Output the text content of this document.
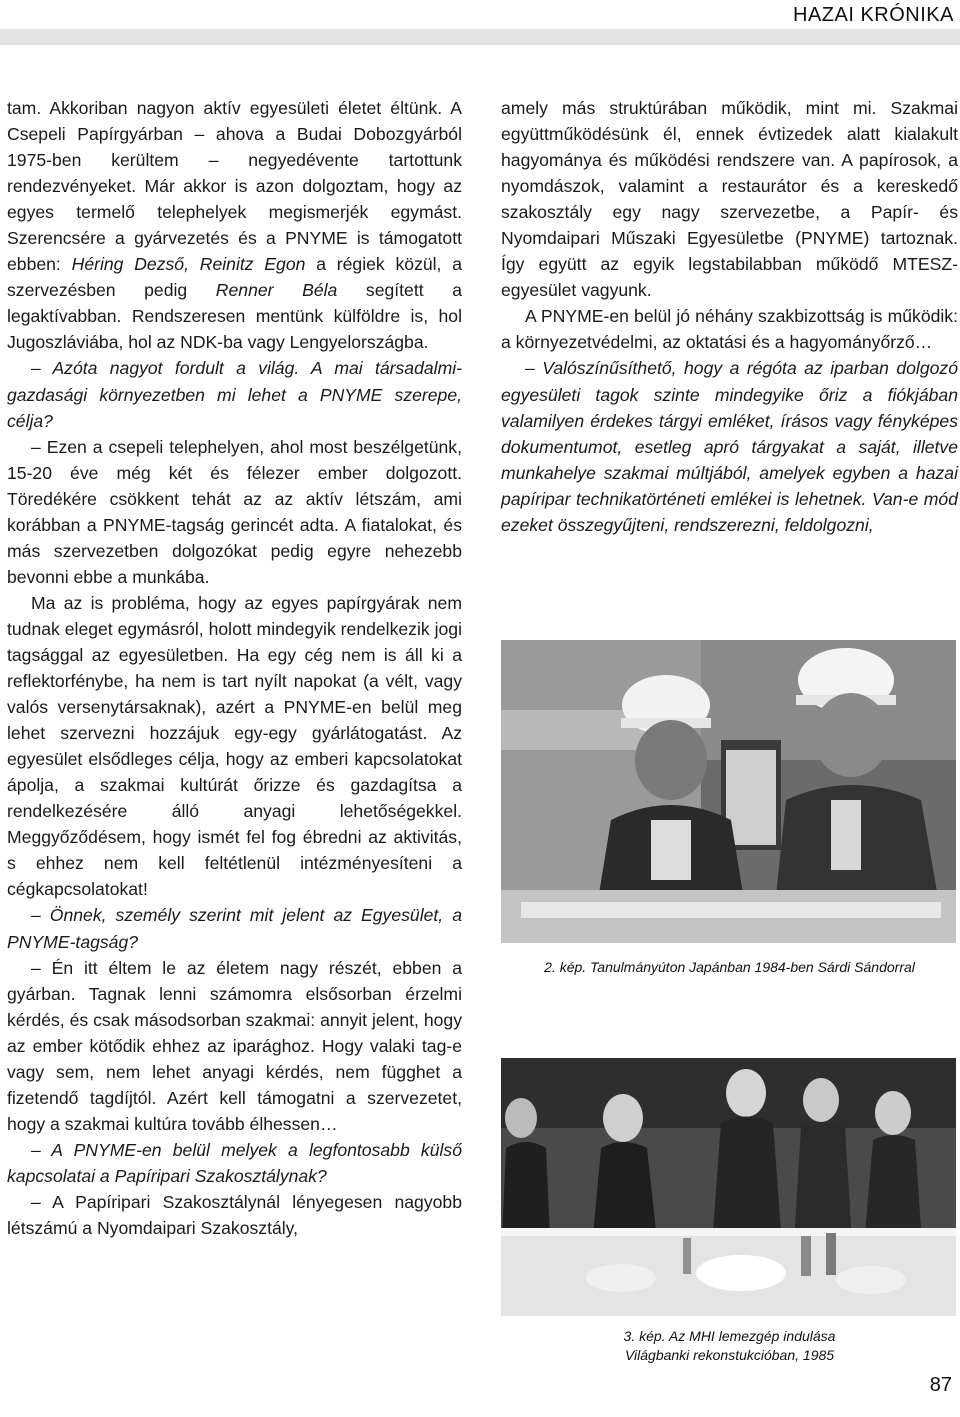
HAZAI KRÓNIKA

tam. Akkoriban nagyon aktív egyesületi életet éltünk. A Csepeli Papírgyárban – ahova a Budai Dobozgyárból 1975-ben kerültem – negyedévente tartottunk rendezvényeket. Már akkor is azon dolgoztam, hogy az egyes termelő telephelyek megismerjék egymást. Szerencsére a gyárvezetés és a PNYME is támogatott ebben: Héring Dezső, Reinitz Egon a régiek közül, a szervezésben pedig Renner Béla segített a legaktívabban. Rendszeresen mentünk külföldre is, hol Jugoszláviába, hol az NDK-ba vagy Lengyelországba.

– Azóta nagyot fordult a világ. A mai társadalmi-gazdasági környezetben mi lehet a PNYME szerepe, célja?

– Ezen a csepeli telephelyen, ahol most beszélgetünk, 15-20 éve még két és félezer ember dolgozott. Töredékére csökkent tehát az az aktív létszám, ami korábban a PNYME-tagság gerincét adta. A fiatalokat, és más szervezetben dolgozókat pedig egyre nehezebb bevonni ebbe a munkába.

Ma az is probléma, hogy az egyes papírgyárak nem tudnak eleget egymásról, holott mindegyik rendelkezik jogi tagsággal az egyesületben. Ha egy cég nem is áll ki a reflektorfénybe, ha nem is tart nyílt napokat (a vélt, vagy valós versenytársaknak), azért a PNYME-en belül meg lehet szervezni hozzájuk egy-egy gyárlátogatást. Az egyesület elsődleges célja, hogy az emberi kapcsolatokat ápolja, a szakmai kultúrát őrizze és gazdagítsa a rendelkezésére álló anyagi lehetőségekkel. Meggyőződésem, hogy ismét fel fog ébredni az aktivitás, s ehhez nem kell feltétlenül intézményesíteni a cégkapcsolatokat!

– Önnek, személy szerint mit jelent az Egyesület, a PNYME-tagság?

– Én itt éltem le az életem nagy részét, ebben a gyárban. Tagnak lenni számomra elsősorban érzelmi kérdés, és csak másodsorban szakmai: annyit jelent, hogy az ember kötődik ehhez az iparághoz. Hogy valaki tag-e vagy sem, nem lehet anyagi kérdés, nem függhet a fizetendő tagdíjtól. Azért kell támogatni a szervezetet, hogy a szakmai kultúra tovább élhessen…

– A PNYME-en belül melyek a legfontosabb külső kapcsolatai a Papíripari Szakosztálynak?

– A Papíripari Szakosztálynál lényegesen nagyobb létszámú a Nyomdaipari Szakosztály,

amely más struktúrában működik, mint mi. Szakmai együttműködésünk él, ennek évtizedek alatt kialakult hagyománya és működési rendszere van. A papírosok, a nyomdászok, valamint a restaurátor és a kereskedő szakosztály egy nagy szervezetbe, a Papír- és Nyomdaipari Műszaki Egyesületbe (PNYME) tartoznak. Így együtt az egyik legstabilabban működő MTESZ-egyesület vagyunk.

A PNYME-en belül jó néhány szakbizottság is működik: a környezetvédelmi, az oktatási és a hagyományőrző…

– Valószínűsíthető, hogy a régóta az iparban dolgozó egyesületi tagok szinte mindegyike őriz a fiókjában valamilyen érdekes tárgyi emléket, írásos vagy fényképes dokumentumot, esetleg apró tárgyakat a saját, illetve munkahelye szakmai múltjából, amelyek egyben a hazai papíripar technikatörténeti emlékei is lehetnek. Van-e mód ezeket összegyűjteni, rendszerezni, feldolgozni,

2. kép. Tanulmányúton Japánban 1984-ben Sárdi Sándorral
3. kép. Az MHI lemezgép indulása
Világbanki rekonstukcióban, 1985
87
